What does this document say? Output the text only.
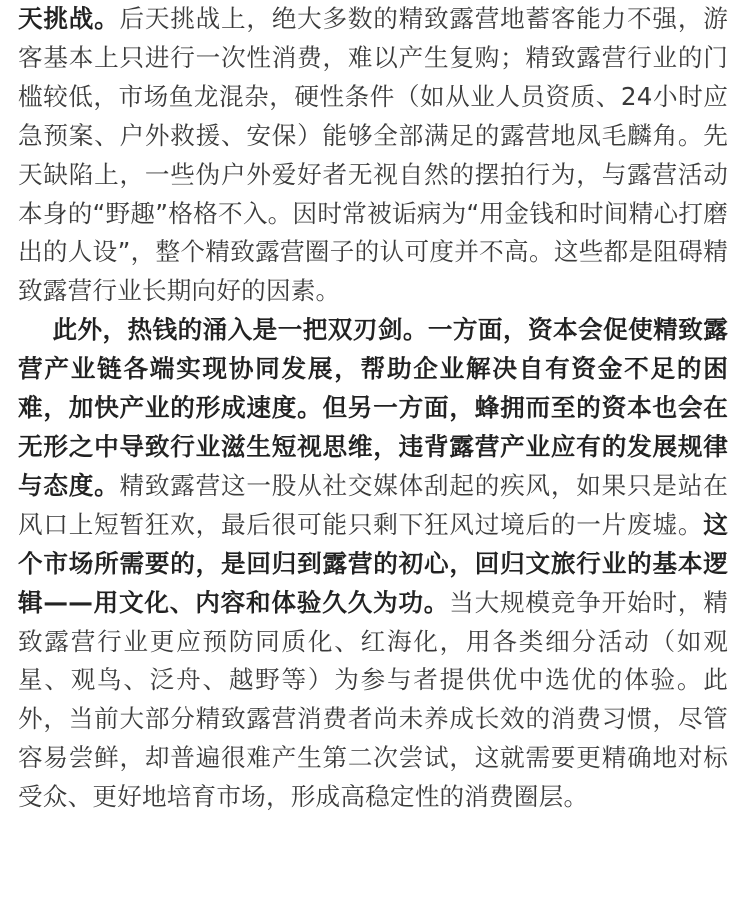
天挑战。后天挑战上，绝大多数的精致露营地蓄客能力不强，游客基本上只进行一次性消费，难以产生复购；精致露营行业的门槛较低，市场鱼龙混杂，硬性条件（如从业人员资质、24小时应急预案、户外救援、安保）能够全部满足的露营地凤毛麟角。先天缺陷上，一些伪户外爱好者无视自然的摆拍行为，与露营活动本身的“野趣”格格不入。因时常被诟病为“用金钱和时间精心打磨出的人设”，整个精致露营圈子的认可度并不高。这些都是阻碍精致露营行业长期向好的因素。

此外，热钱的涌入是一把双刃剑。一方面，资本会促使精致露营产业链各端实现协同发展，帮助企业解决自有资金不足的困难，加快产业的形成速度。但另一方面，蜂拥而至的资本也会在无形之中导致行业滋生短视思维，违背露营产业应有的发展规律与态度。精致露营这一股从社交媒体刮起的疾风，如果只是站在风口上短暂狂欢，最后很可能只剩下狂风过境后的一片废墟。这个市场所需要的，是回归到露营的初心，回归文旅行业的基本逻辑——用文化、内容和体验久久为功。当大规模竞争开始时，精致露营行业更应预防同质化、红海化，用各类细分活动（如观星、观鸟、泛舟、越野等）为参与者提供优中选优的体验。此外，当前大部分精致露营消费者尚未养成长效的消费习惯，尽管容易尝鲜，却普遍很难产生第二次尝试，这就需要更精确地对标受众、更好地培育市场，形成高稳定性的消费圈层。
